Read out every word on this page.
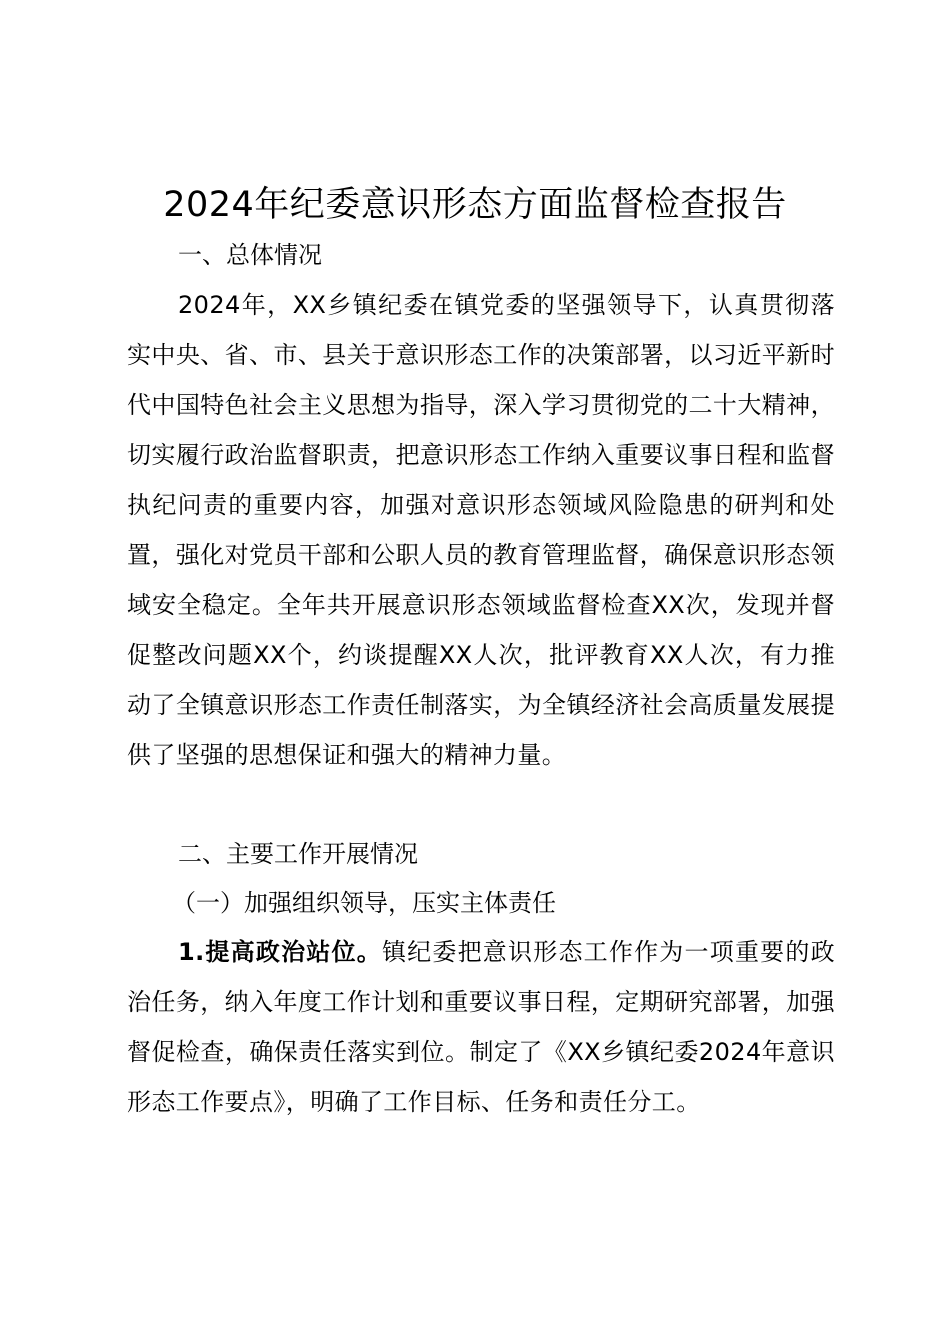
2024年纪委意识形态方面监督检查报告
一、总体情况

2024年，XX乡镇纪委在镇党委的坚强领导下，认真贯彻落实中央、省、市、县关于意识形态工作的决策部署，以习近平新时代中国特色社会主义思想为指导，深入学习贯彻党的二十大精神，切实履行政治监督职责，把意识形态工作纳入重要议事日程和监督执纪问责的重要内容，加强对意识形态领域风险隐患的研判和处置，强化对党员干部和公职人员的教育管理监督，确保意识形态领域安全稳定。全年共开展意识形态领域监督检查XX次，发现并督促整改问题XX个，约谈提醒XX人次，批评教育XX人次，有力推动了全镇意识形态工作责任制落实，为全镇经济社会高质量发展提供了坚强的思想保证和强大的精神力量。

二、主要工作开展情况
（一）加强组织领导，压实主体责任

1.提高政治站位。镇纪委把意识形态工作作为一项重要的政治任务，纳入年度工作计划和重要议事日程，定期研究部署，加强督促检查，确保责任落实到位。制定了《XX乡镇纪委2024年意识形态工作要点》，明确了工作目标、任务和责任分工。
